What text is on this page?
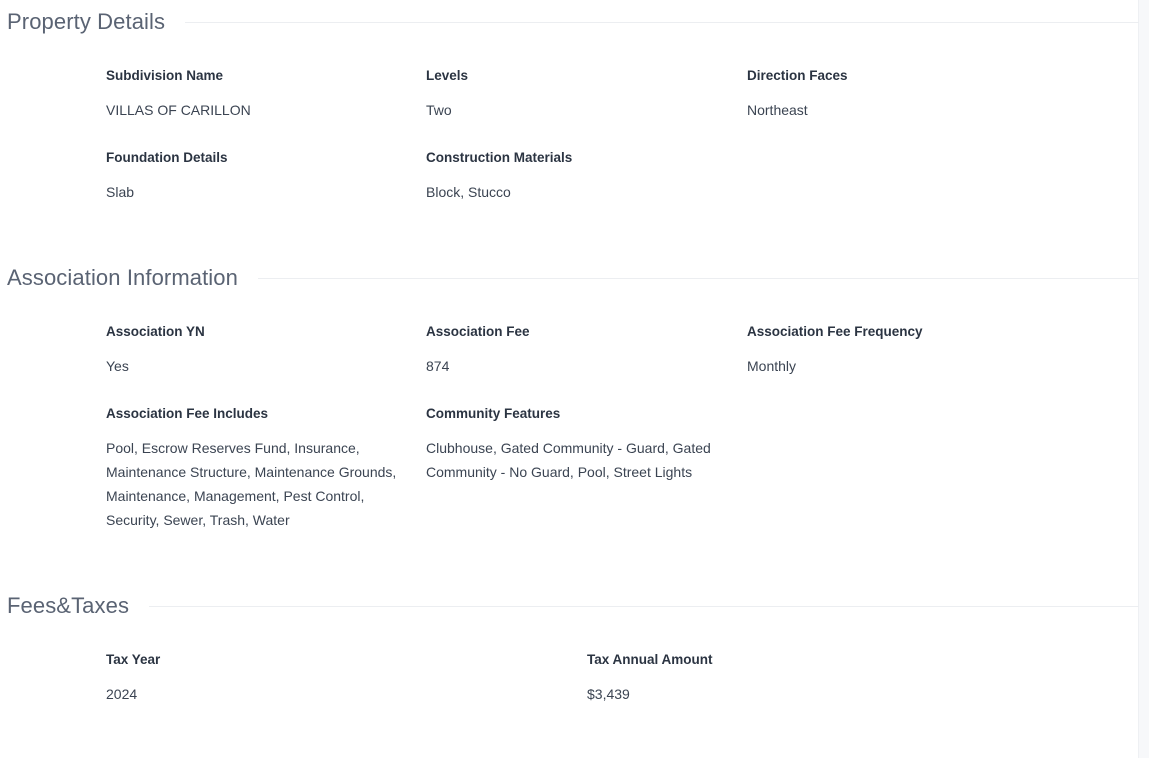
Property Details
Subdivision Name
VILLAS OF CARILLON
Levels
Two
Direction Faces
Northeast
Foundation Details
Slab
Construction Materials
Block, Stucco
Association Information
Association YN
Yes
Association Fee
874
Association Fee Frequency
Monthly
Association Fee Includes
Pool, Escrow Reserves Fund, Insurance, Maintenance Structure, Maintenance Grounds, Maintenance, Management, Pest Control, Security, Sewer, Trash, Water
Community Features
Clubhouse, Gated Community - Guard, Gated Community - No Guard, Pool, Street Lights
Fees&Taxes
Tax Year
2024
Tax Annual Amount
$3,439
